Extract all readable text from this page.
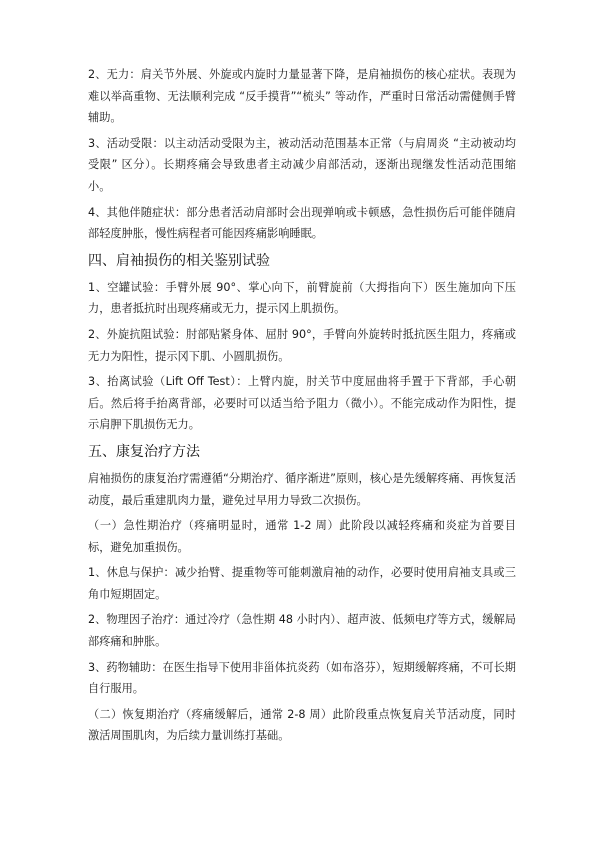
2、无力：肩关节外展、外旋或内旋时力量显著下降，是肩袖损伤的核心症状。表现为难以举高重物、无法顺利完成 “反手摸背”“梳头” 等动作，严重时日常活动需健侧手臂辅助。

3、活动受限：以主动活动受限为主，被动活动范围基本正常（与肩周炎 “主动被动均受限” 区分）。长期疼痛会导致患者主动减少肩部活动，逐渐出现继发性活动范围缩小。

4、其他伴随症状：部分患者活动肩部时会出现弹响或卡顿感，急性损伤后可能伴随肩部轻度肿胀，慢性病程者可能因疼痛影响睡眠。

四、肩袖损伤的相关鉴别试验

1、空罐试验：手臂外展 90°、掌心向下，前臂旋前（大拇指向下）医生施加向下压力，患者抵抗时出现疼痛或无力，提示冈上肌损伤。

2、外旋抗阻试验：肘部贴紧身体、屈肘 90°，手臂向外旋转时抵抗医生阻力，疼痛或无力为阳性，提示冈下肌、小圆肌损伤。

3、抬离试验（Lift Off Test）：上臂内旋，肘关节中度屈曲将手置于下背部，手心朝后。然后将手抬离背部，必要时可以适当给予阻力（微小）。不能完成动作为阳性，提示肩胛下肌损伤无力。

五、康复治疗方法

肩袖损伤的康复治疗需遵循“分期治疗、循序渐进”原则，核心是先缓解疼痛、再恢复活动度，最后重建肌肉力量，避免过早用力导致二次损伤。

（一）急性期治疗（疼痛明显时，通常 1-2 周）此阶段以减轻疼痛和炎症为首要目标，避免加重损伤。

1、休息与保护：减少抬臂、提重物等可能刺激肩袖的动作，必要时使用肩袖支具或三角巾短期固定。

2、物理因子治疗：通过冷疗（急性期 48 小时内）、超声波、低频电疗等方式，缓解局部疼痛和肿胀。

3、药物辅助：在医生指导下使用非甾体抗炎药（如布洛芬），短期缓解疼痛，不可长期自行服用。

（二）恢复期治疗（疼痛缓解后，通常 2-8 周）此阶段重点恢复肩关节活动度，同时激活周围肌肉，为后续力量训练打基础。
